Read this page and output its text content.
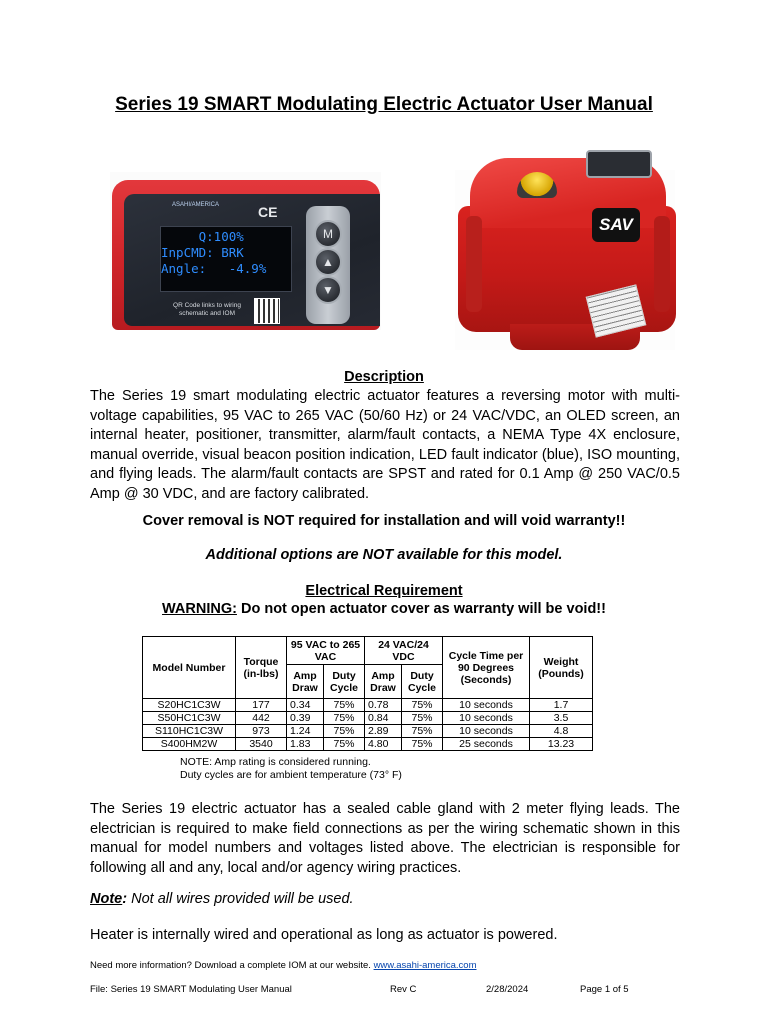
Series 19 SMART Modulating Electric Actuator User Manual
ASAHI/AMERICA	CE
Q:100%
InpCMD: BRK
Angle:   -4.9%
M
▲
▼
QR Code links to wiring schematic and IOM
SAV
Description
The Series 19 smart modulating electric actuator features a reversing motor with multi-voltage capabilities, 95 VAC to 265 VAC (50/60 Hz) or 24 VAC/VDC, an OLED screen, an internal heater, positioner, transmitter, alarm/fault contacts, a NEMA Type 4X enclosure, manual override, visual beacon position indication, LED fault indicator (blue), ISO mounting, and flying leads. The alarm/fault contacts are SPST and rated for 0.1 Amp @ 250 VAC/0.5 Amp @ 30 VDC, and are factory calibrated.
Cover removal is NOT required for installation and will void warranty!!
Additional options are NOT available for this model.
Electrical Requirement
WARNING: Do not open actuator cover as warranty will be void!!
Model Number	Torque (in-lbs)	95 VAC to 265 VAC		24 VAC/24 VDC		Cycle Time per 90 Degrees (Seconds)	Weight (Pounds)
		Amp Draw	Duty Cycle	Amp Draw	Duty Cycle		
S20HC1C3W	177	0.34	75%	0.78	75%	10 seconds	1.7
S50HC1C3W	442	0.39	75%	0.84	75%	10 seconds	3.5
S110HC1C3W	973	1.24	75%	2.89	75%	10 seconds	4.8
S400HM2W	3540	1.83	75%	4.80	75%	25 seconds	13.23
NOTE: Amp rating is considered running.
Duty cycles are for ambient temperature (73° F)
The Series 19 electric actuator has a sealed cable gland with 2 meter flying leads. The electrician is required to make field connections as per the wiring schematic shown in this manual for model numbers and voltages listed above. The electrician is responsible for following all and any, local and/or agency wiring practices.
Note: Not all wires provided will be used.
Heater is internally wired and operational as long as actuator is powered.
Need more information? Download a complete IOM at our website. www.asahi-america.com
File: Series 19 SMART Modulating User Manual	Rev C	2/28/2024	Page 1 of 5
